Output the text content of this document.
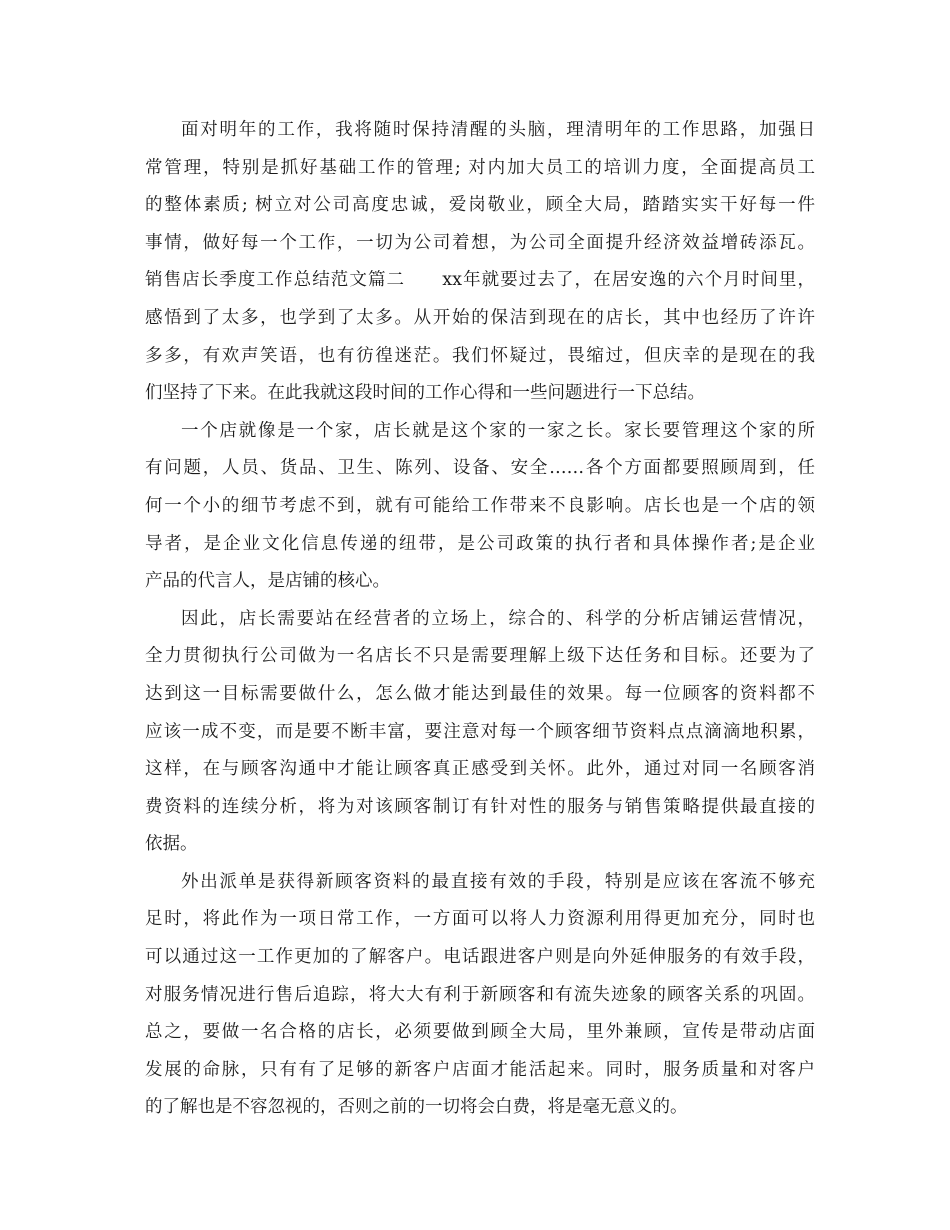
面对明年的工作，我将随时保持清醒的头脑，理清明年的工作思路，加强日
常管理，特别是抓好基础工作的管理; 对内加大员工的培训力度，全面提高员工
的整体素质; 树立对公司高度忠诚，爱岗敬业，顾全大局，踏踏实实干好每一件
事情，做好每一个工作，一切为公司着想，为公司全面提升经济效益增砖添瓦。
销售店长季度工作总结范文篇二　　xx年就要过去了，在居安逸的六个月时间里，
感悟到了太多，也学到了太多。从开始的保洁到现在的店长，其中也经历了许许
多多，有欢声笑语，也有彷徨迷茫。我们怀疑过，畏缩过，但庆幸的是现在的我
们坚持了下来。在此我就这段时间的工作心得和一些问题进行一下总结。
一个店就像是一个家，店长就是这个家的一家之长。家长要管理这个家的所
有问题，人员、货品、卫生、陈列、设备、安全……各个方面都要照顾周到，任
何一个小的细节考虑不到，就有可能给工作带来不良影响。店长也是一个店的领
导者，是企业文化信息传递的纽带，是公司政策的执行者和具体操作者;是企业
产品的代言人，是店铺的核心。
因此，店长需要站在经营者的立场上，综合的、科学的分析店铺运营情况，
全力贯彻执行公司做为一名店长不只是需要理解上级下达任务和目标。还要为了
达到这一目标需要做什么，怎么做才能达到最佳的效果。每一位顾客的资料都不
应该一成不变，而是要不断丰富，要注意对每一个顾客细节资料点点滴滴地积累，
这样，在与顾客沟通中才能让顾客真正感受到关怀。此外，通过对同一名顾客消
费资料的连续分析，将为对该顾客制订有针对性的服务与销售策略提供最直接的
依据。
外出派单是获得新顾客资料的最直接有效的手段，特别是应该在客流不够充
足时，将此作为一项日常工作，一方面可以将人力资源利用得更加充分，同时也
可以通过这一工作更加的了解客户。电话跟进客户则是向外延伸服务的有效手段，
对服务情况进行售后追踪，将大大有利于新顾客和有流失迹象的顾客关系的巩固。
总之，要做一名合格的店长，必须要做到顾全大局，里外兼顾，宣传是带动店面
发展的命脉，只有有了足够的新客户店面才能活起来。同时，服务质量和对客户
的了解也是不容忽视的，否则之前的一切将会白费，将是毫无意义的。
